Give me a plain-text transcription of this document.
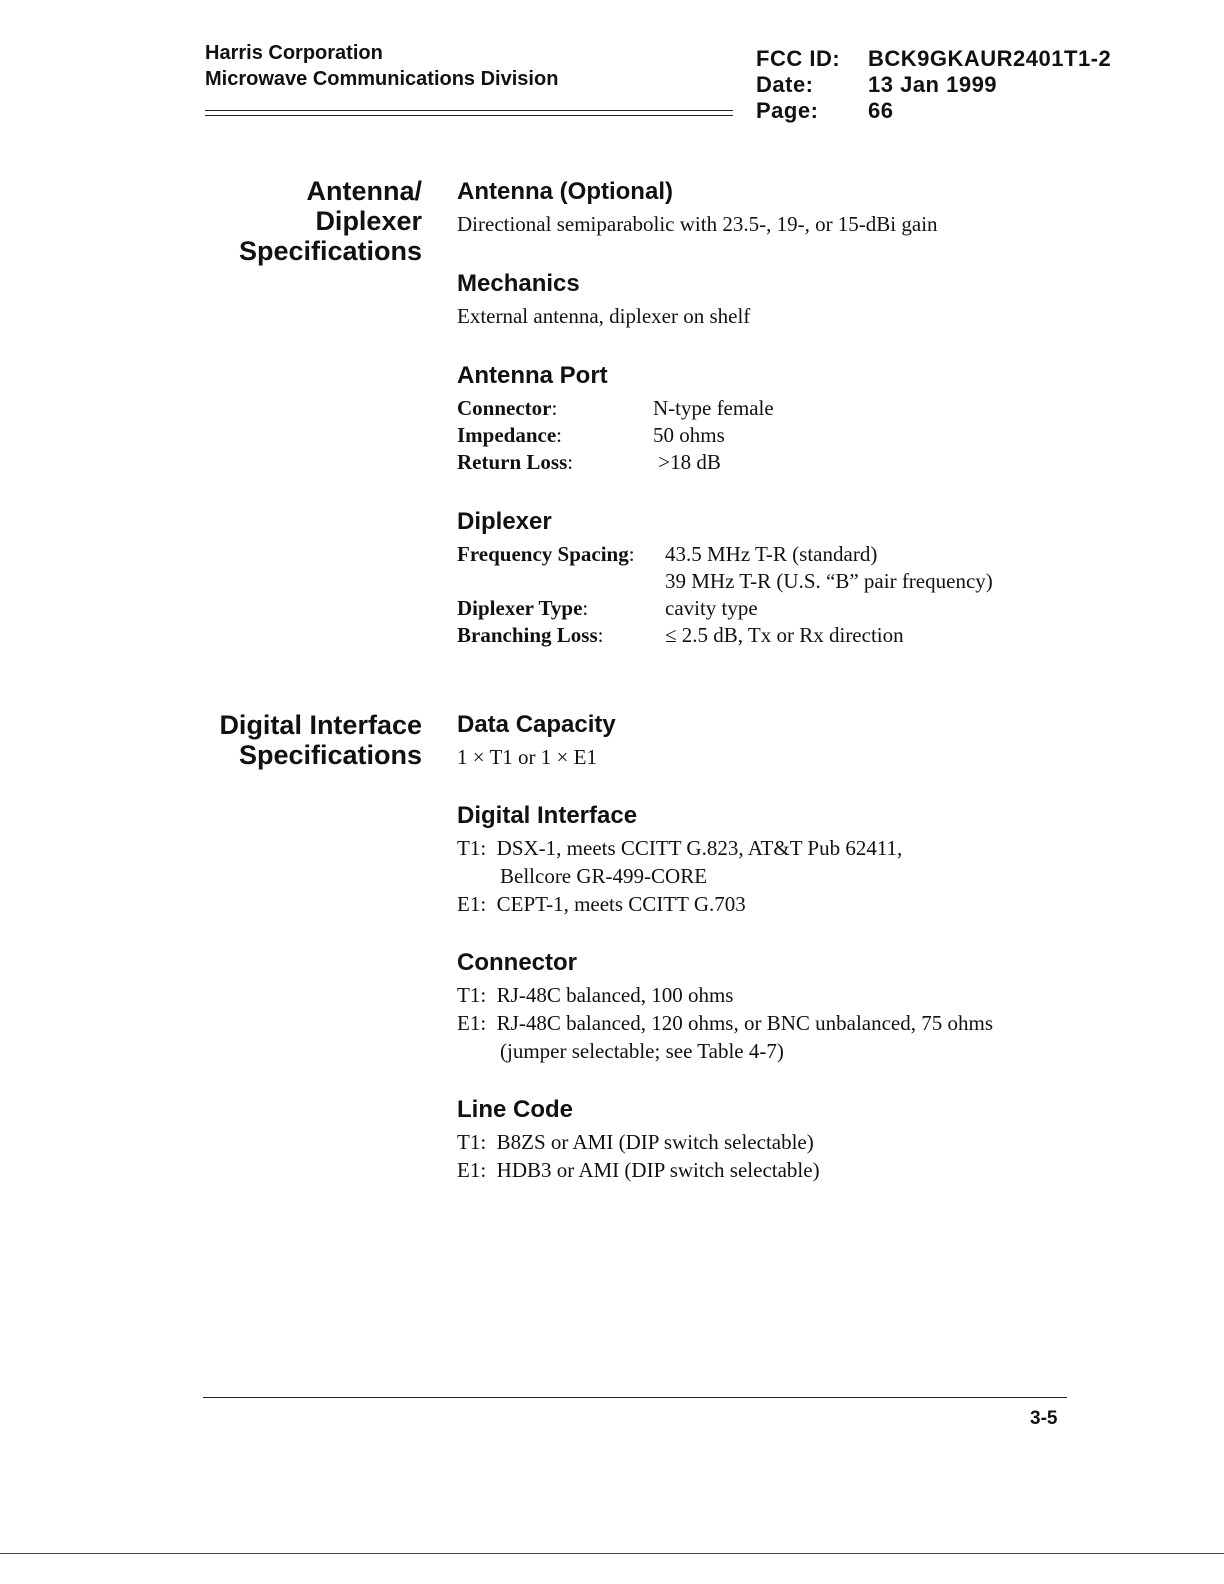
Harris Corporation
Microwave Communications Division
FCC ID:	BCK9GKAUR2401T1-2
Date:	13 Jan 1999
Page:	66
Antenna/
Diplexer
Specifications
Antenna (Optional)
Directional semiparabolic with 23.5-, 19-, or 15-dBi gain
Mechanics
External antenna, diplexer on shelf
Antenna Port
Connector:	N-type female
Impedance:	50 ohms
Return Loss:	>18 dB
Diplexer
Frequency Spacing:	43.5 MHz T-R (standard)
39 MHz T-R (U.S. “B” pair frequency)
Diplexer Type:	cavity type
Branching Loss:	≤ 2.5 dB, Tx or Rx direction
Digital Interface
Specifications
Data Capacity
1 × T1 or 1 × E1
Digital Interface
T1:  DSX-1, meets CCITT G.823, AT&T Pub 62411,
Bellcore GR-499-CORE
E1:  CEPT-1, meets CCITT G.703
Connector
T1:  RJ-48C balanced, 100 ohms
E1:  RJ-48C balanced, 120 ohms, or BNC unbalanced, 75 ohms
(jumper selectable; see Table 4-7)
Line Code
T1:  B8ZS or AMI (DIP switch selectable)
E1:  HDB3 or AMI (DIP switch selectable)
3-5
